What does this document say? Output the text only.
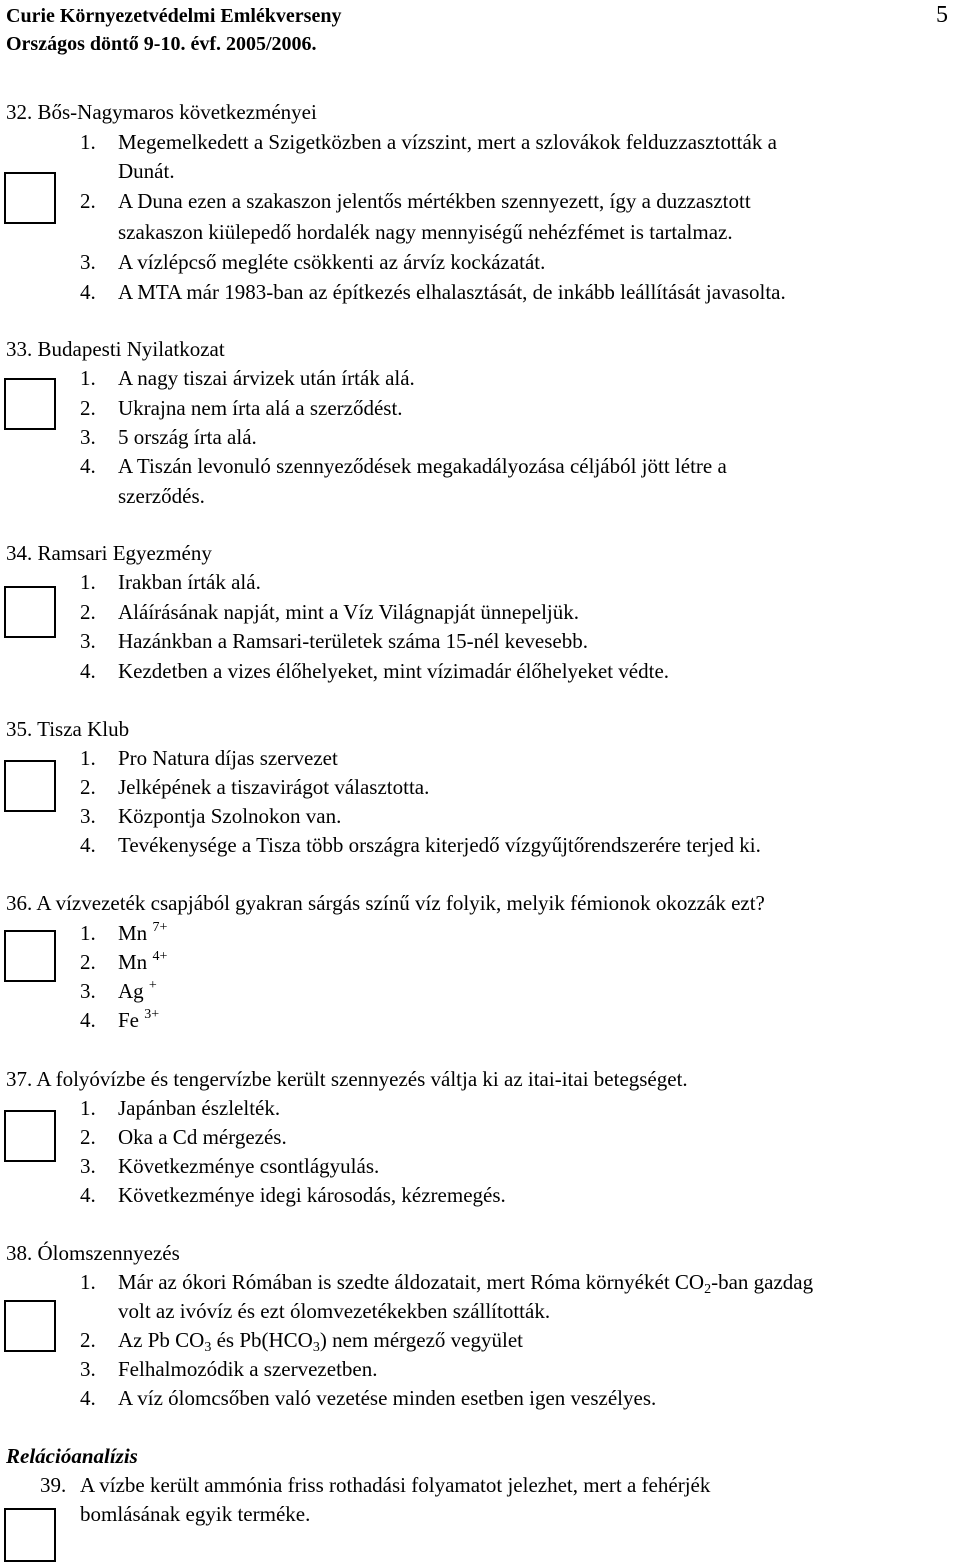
Curie Környezetvédelmi Emlékverseny
Országos döntő 9-10. évf. 2005/2006.
5
32. Bős-Nagymaros következményei
1. Megemelkedett a Szigetközben a vízszint, mert a szlovákok felduzzasztották a
Dunát.
2. A Duna ezen a szakaszon jelentős mértékben szennyezett, így a duzzasztott
szakaszon kiülepedő hordalék nagy mennyiségű nehézfémet is tartalmaz.
3. A vízlépcső megléte csökkenti az árvíz kockázatát.
4. A MTA már 1983-ban az építkezés elhalasztását, de inkább leállítását javasolta.
33. Budapesti Nyilatkozat
1. A nagy tiszai árvizek után írták alá.
2. Ukrajna nem írta alá a szerződést.
3. 5 ország írta alá.
4. A Tiszán levonuló szennyeződések megakadályozása céljából jött létre a
szerződés.
34. Ramsari Egyezmény
1. Irakban írták alá.
2. Aláírásának napját, mint a Víz Világnapját ünnepeljük.
3. Hazánkban a Ramsari-területek száma 15-nél kevesebb.
4. Kezdetben a vizes élőhelyeket, mint vízimadár élőhelyeket védte.
35. Tisza Klub
1. Pro Natura díjas szervezet
2. Jelképének a tiszavirágot választotta.
3. Központja Szolnokon van.
4. Tevékenysége a Tisza több országra kiterjedő vízgyűjtőrendszerére terjed ki.
36. A vízvezeték csapjából gyakran sárgás színű víz folyik, melyik fémionok okozzák ezt?
1. Mn $^{7+}$
2. Mn $^{4+}$
3. Ag +
4. Fe $^{3+}$
37. A folyóvízbe és tengervízbe került szennyezés váltja ki az itai-itai betegséget.
1. Japánban észlelték.
2. Oka a Cd mérgezés.
3. Következménye csontlágyulás.
4. Következménye idegi károsodás, kézremegés.
38. Ólomszennyezés
1. Már az ókori Rómában is szedte áldozatait, mert Róma környékét $CO_2$-ban gazdag
volt az ivóvíz és ezt ólomvezetékekben szállították.
2. Az Pb $CO_3$ és $Pb(HCO_3)$ nem mérgező vegyület
3. Felhalmozódik a szervezetben.
4. A víz ólomcsőben való vezetése minden esetben igen veszélyes.
Relációanalízis
39. A vízbe került ammónia friss rothadási folyamatot jelezhet, mert a fehérjék
bomlásának egyik terméke.
